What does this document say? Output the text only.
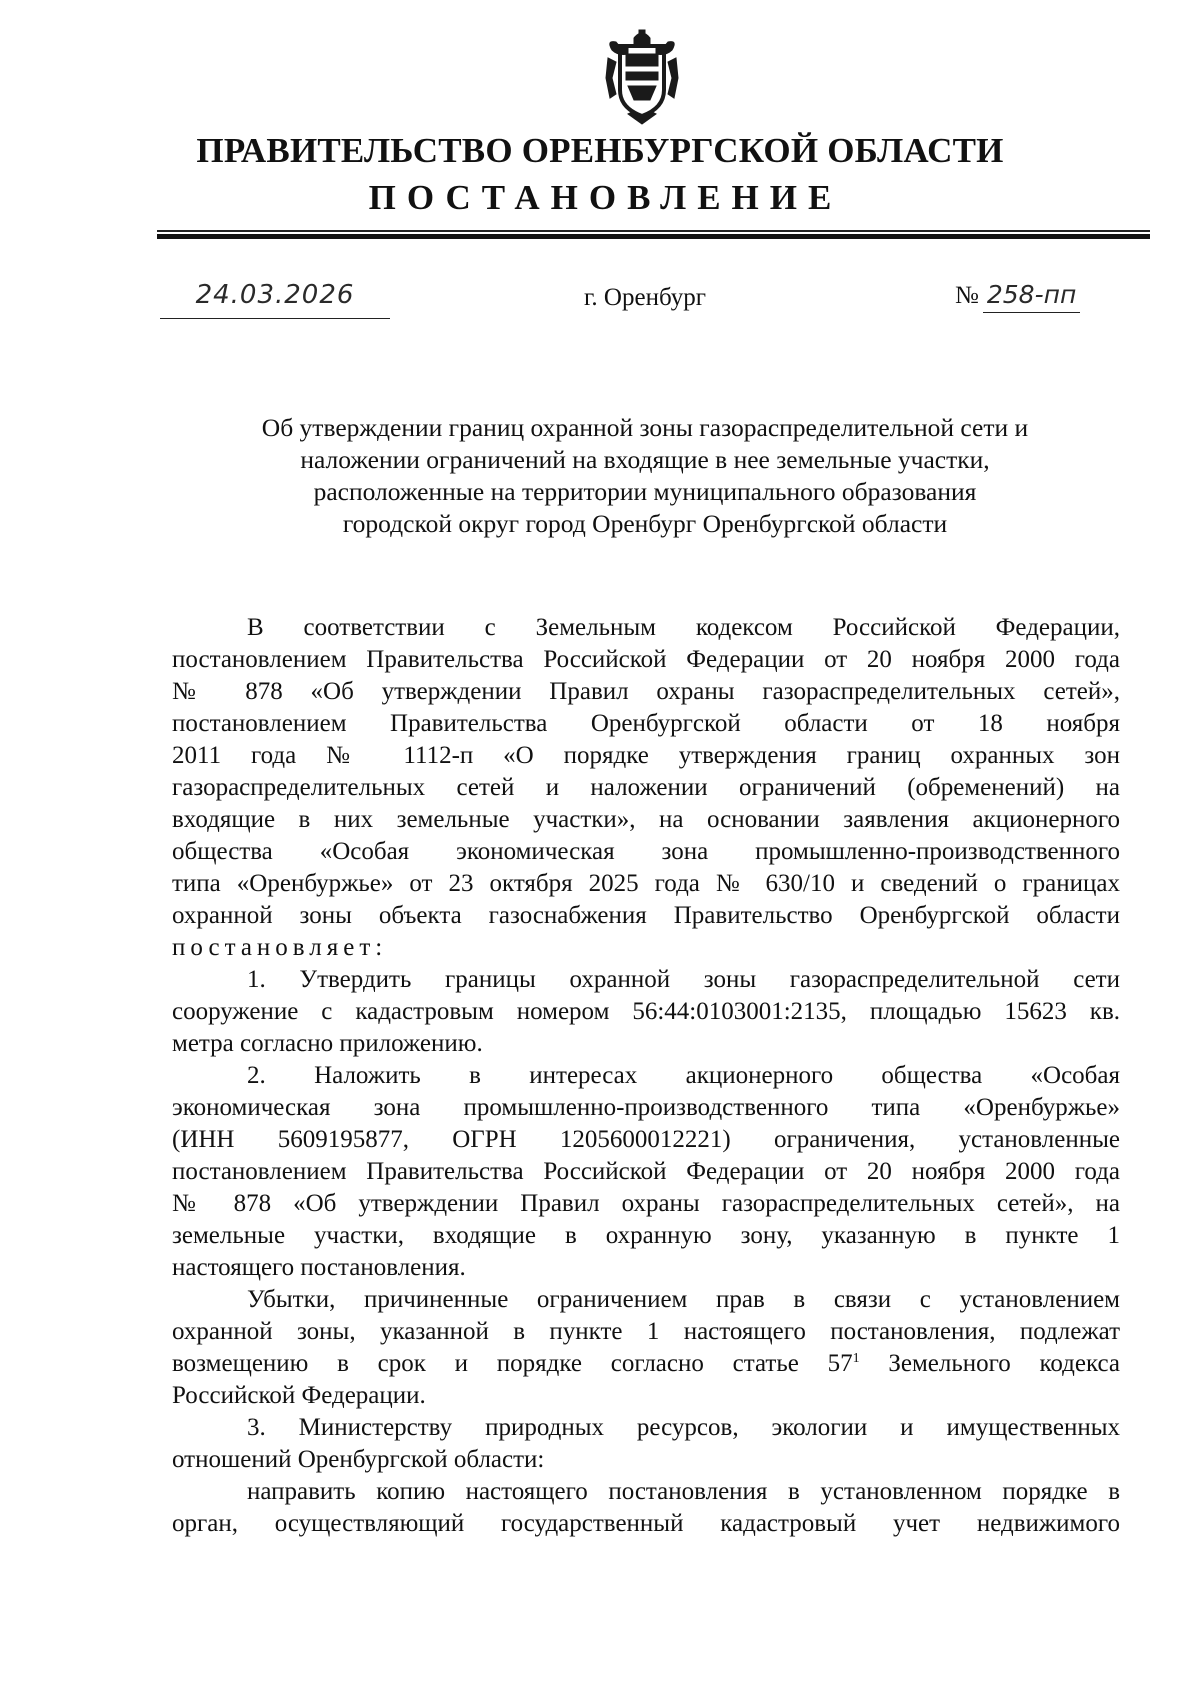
ПРАВИТЕЛЬСТВО ОРЕНБУРГСКОЙ ОБЛАСТИ
ПОСТАНОВЛЕНИЕ
24.03.2026	г. Оренбург	№ 258-пп
Об утверждении границ охранной зоны газораспределительной сети и
наложении ограничений на входящие в нее земельные участки,
расположенные на территории муниципального образования
городской округ город Оренбург Оренбургской области
В соответствии с Земельным кодексом Российской Федерации,
постановлением Правительства Российской Федерации от 20 ноября 2000 года
№ 878 «Об утверждении Правил охраны газораспределительных сетей»,
постановлением Правительства Оренбургской области от 18 ноября
2011 года № 1112-п «О порядке утверждения границ охранных зон
газораспределительных сетей и наложении ограничений (обременений) на
входящие в них земельные участки», на основании заявления акционерного
общества «Особая экономическая зона промышленно-производственного
типа «Оренбуржье» от 23 октября 2025 года № 630/10 и сведений о границах
охранной зоны объекта газоснабжения Правительство Оренбургской области
постановляет:
1. Утвердить границы охранной зоны газораспределительной сети
сооружение с кадастровым номером 56:44:0103001:2135, площадью 15623 кв.
метра согласно приложению.
2. Наложить в интересах акционерного общества «Особая
экономическая зона промышленно-производственного типа «Оренбуржье»
(ИНН 5609195877, ОГРН 1205600012221) ограничения, установленные
постановлением Правительства Российской Федерации от 20 ноября 2000 года
№ 878 «Об утверждении Правил охраны газораспределительных сетей», на
земельные участки, входящие в охранную зону, указанную в пункте 1
настоящего постановления.
Убытки, причиненные ограничением прав в связи с установлением
охранной зоны, указанной в пункте 1 настоящего постановления, подлежат
возмещению в срок и порядке согласно статье $57^1$ Земельного кодекса
Российской Федерации.
3. Министерству природных ресурсов, экологии и имущественных
отношений Оренбургской области:
направить копию настоящего постановления в установленном порядке в
орган, осуществляющий государственный кадастровый учет недвижимого
